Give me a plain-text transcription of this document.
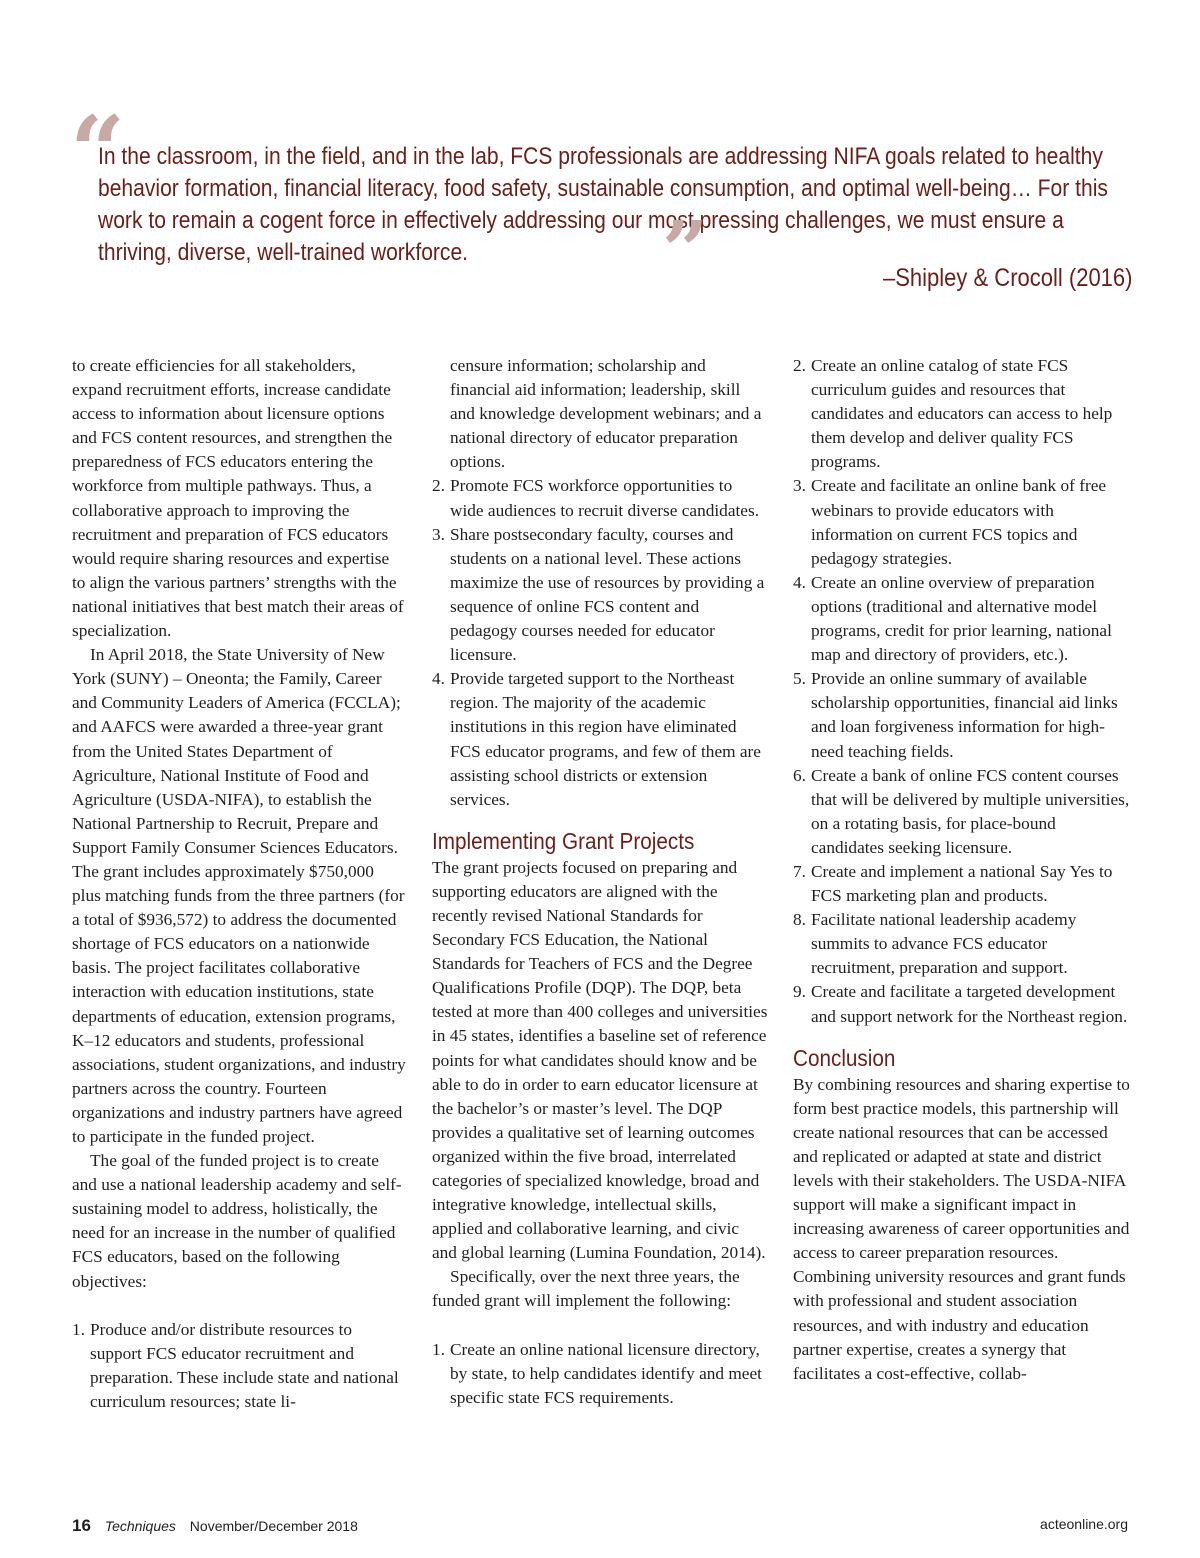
“
In the classroom, in the field, and in the lab, FCS professionals are addressing NIFA goals related to healthy behavior formation, financial literacy, food safety, sustainable consumption, and optimal well-being… For this work to remain a cogent force in effectively addressing our most pressing challenges, we must ensure a thriving, diverse, well-trained workforce.	”	–Shipley & Crocoll (2016)

to create efficiencies for all stakeholders, expand recruitment efforts, increase candidate access to information about licensure options and FCS content resources, and strengthen the preparedness of FCS educators entering the workforce from multiple pathways. Thus, a collaborative approach to improving the recruitment and preparation of FCS educators would require sharing resources and expertise to align the various partners’ strengths with the national initiatives that best match their areas of specialization.

In April 2018, the State University of New York (SUNY) – Oneonta; the Family, Career and Community Leaders of America (FCCLA); and AAFCS were awarded a three-year grant from the United States Department of Agriculture, National Institute of Food and Agriculture (USDA-NIFA), to establish the National Partnership to Recruit, Prepare and Support Family Consumer Sciences Educators. The grant includes approximately $750,000 plus matching funds from the three partners (for a total of $936,572) to address the documented shortage of FCS educators on a nationwide basis. The project facilitates collaborative interaction with education institutions, state departments of education, extension programs, K–12 educators and students, professional associations, student organizations, and industry partners across the country. Fourteen organizations and industry partners have agreed to participate in the funded project.

The goal of the funded project is to create and use a national leadership academy and self-sustaining model to address, holistically, the need for an increase in the number of qualified FCS educators, based on the following objectives:

1. Produce and/or distribute resources to support FCS educator recruitment and preparation. These include state and national curriculum resources; state li-

censure information; scholarship and financial aid information; leadership, skill and knowledge development webinars; and a national directory of educator preparation options.

2. Promote FCS workforce opportunities to wide audiences to recruit diverse candidates.
3. Share postsecondary faculty, courses and students on a national level. These actions maximize the use of resources by providing a sequence of online FCS content and pedagogy courses needed for educator licensure.
4. Provide targeted support to the Northeast region. The majority of the academic institutions in this region have eliminated FCS educator programs, and few of them are assisting school districts or extension services.
Implementing Grant Projects

The grant projects focused on preparing and supporting educators are aligned with the recently revised National Standards for Secondary FCS Education, the National Standards for Teachers of FCS and the Degree Qualifications Profile (DQP). The DQP, beta tested at more than 400 colleges and universities in 45 states, identifies a baseline set of reference points for what candidates should know and be able to do in order to earn educator licensure at the bachelor’s or master’s level. The DQP provides a qualitative set of learning outcomes organized within the five broad, interrelated categories of specialized knowledge, broad and integrative knowledge, intellectual skills, applied and collaborative learning, and civic and global learning (Lumina Foundation, 2014).

Specifically, over the next three years, the funded grant will implement the following:

1. Create an online national licensure directory, by state, to help candidates identify and meet specific state FCS requirements.
2. Create an online catalog of state FCS curriculum guides and resources that candidates and educators can access to help them develop and deliver quality FCS programs.
3. Create and facilitate an online bank of free webinars to provide educators with information on current FCS topics and pedagogy strategies.
4. Create an online overview of preparation options (traditional and alternative model programs, credit for prior learning, national map and directory of providers, etc.).
5. Provide an online summary of available scholarship opportunities, financial aid links and loan forgiveness information for high-need teaching fields.
6. Create a bank of online FCS content courses that will be delivered by multiple universities, on a rotating basis, for place-bound candidates seeking licensure.
7. Create and implement a national Say Yes to FCS marketing plan and products.
8. Facilitate national leadership academy summits to advance FCS educator recruitment, preparation and support.
9. Create and facilitate a targeted development and support network for the Northeast region.
Conclusion

By combining resources and sharing expertise to form best practice models, this partnership will create national resources that can be accessed and replicated or adapted at state and district levels with their stakeholders. The USDA-NIFA support will make a significant impact in increasing awareness of career opportunities and access to career preparation resources. Combining university resources and grant funds with professional and student association resources, and with industry and education partner expertise, creates a synergy that facilitates a cost-effective, collab-

16 Techniques November/December 2018	acteonline.org
